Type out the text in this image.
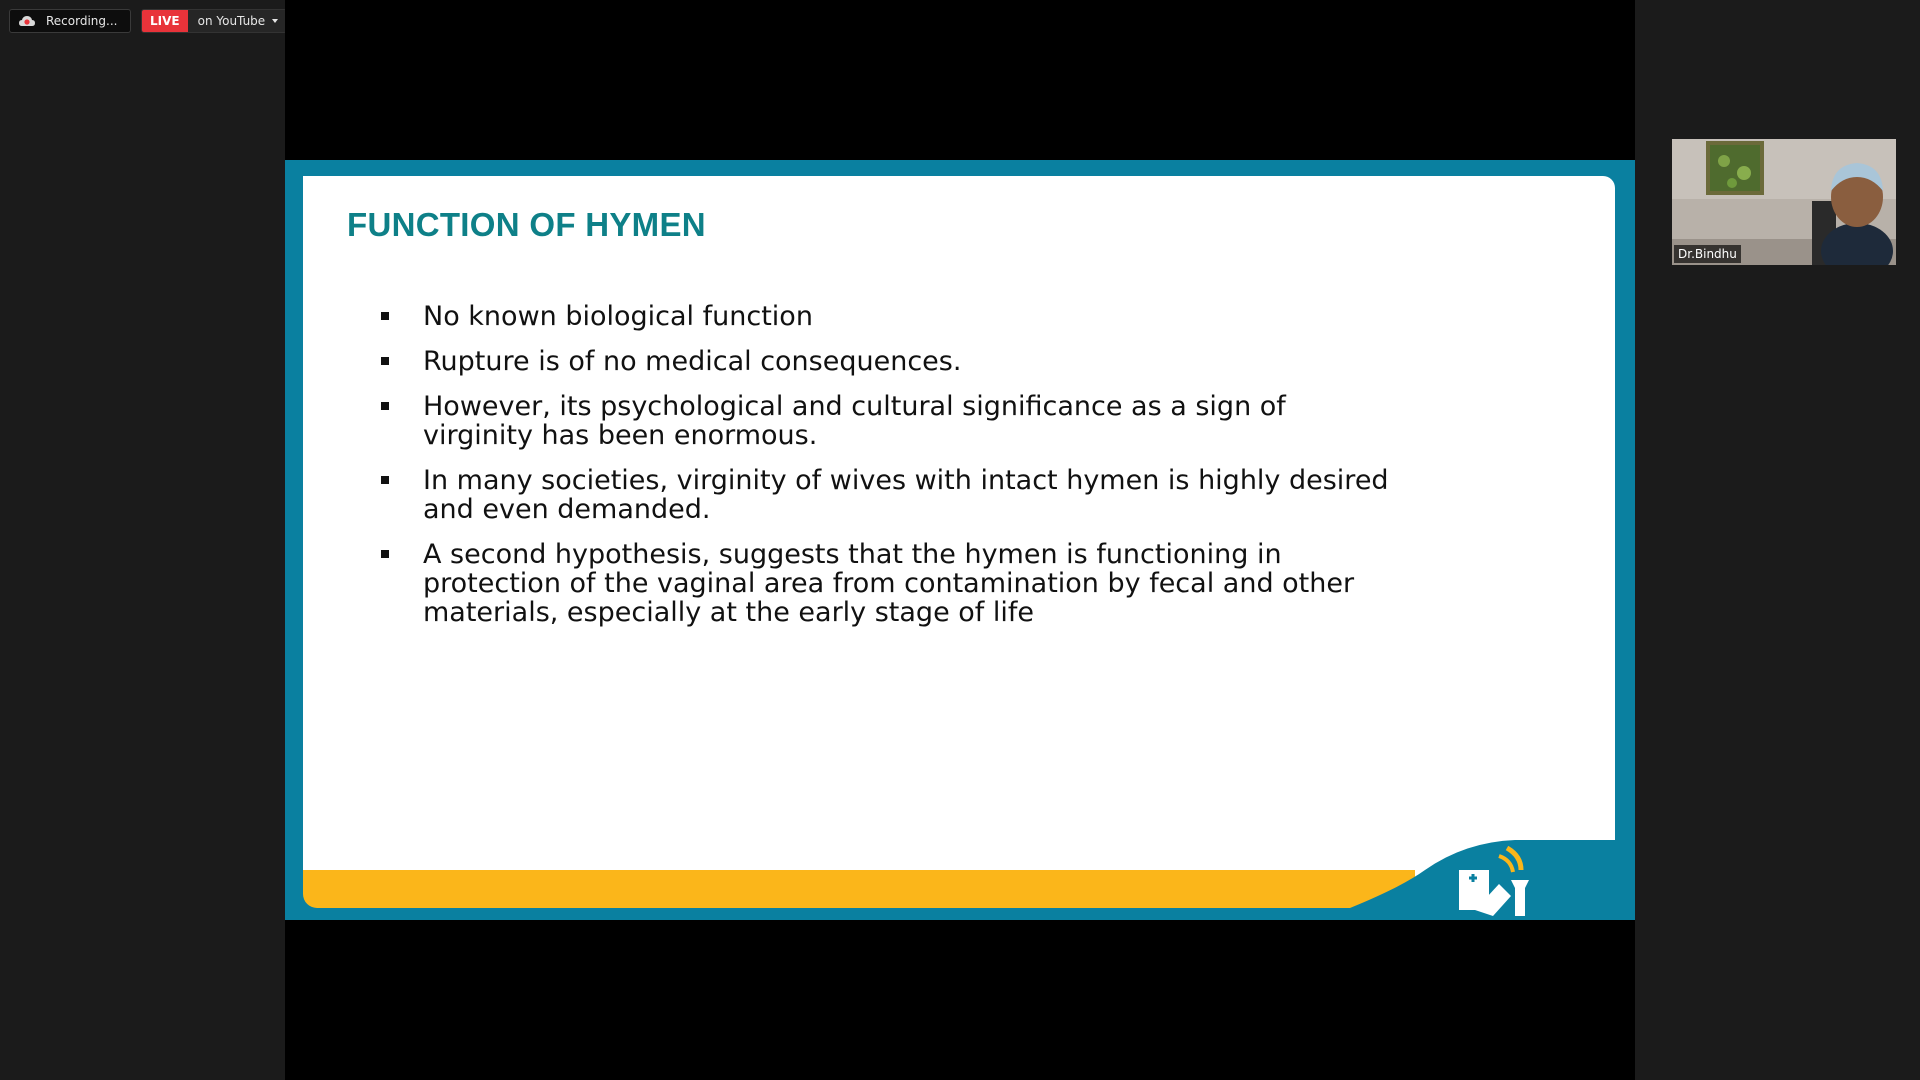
Recording...	LIVE	on YouTube
FUNCTION OF HYMEN
No known biological function
Rupture is of no medical consequences.
However, its psychological and cultural significance as a sign of virginity has been enormous.
In many societies, virginity of wives with intact hymen is highly desired and even demanded.
A second hypothesis, suggests that the hymen is functioning in protection of the vaginal area from contamination by fecal and other materials, especially at the early stage of life
Dr.Bindhu
